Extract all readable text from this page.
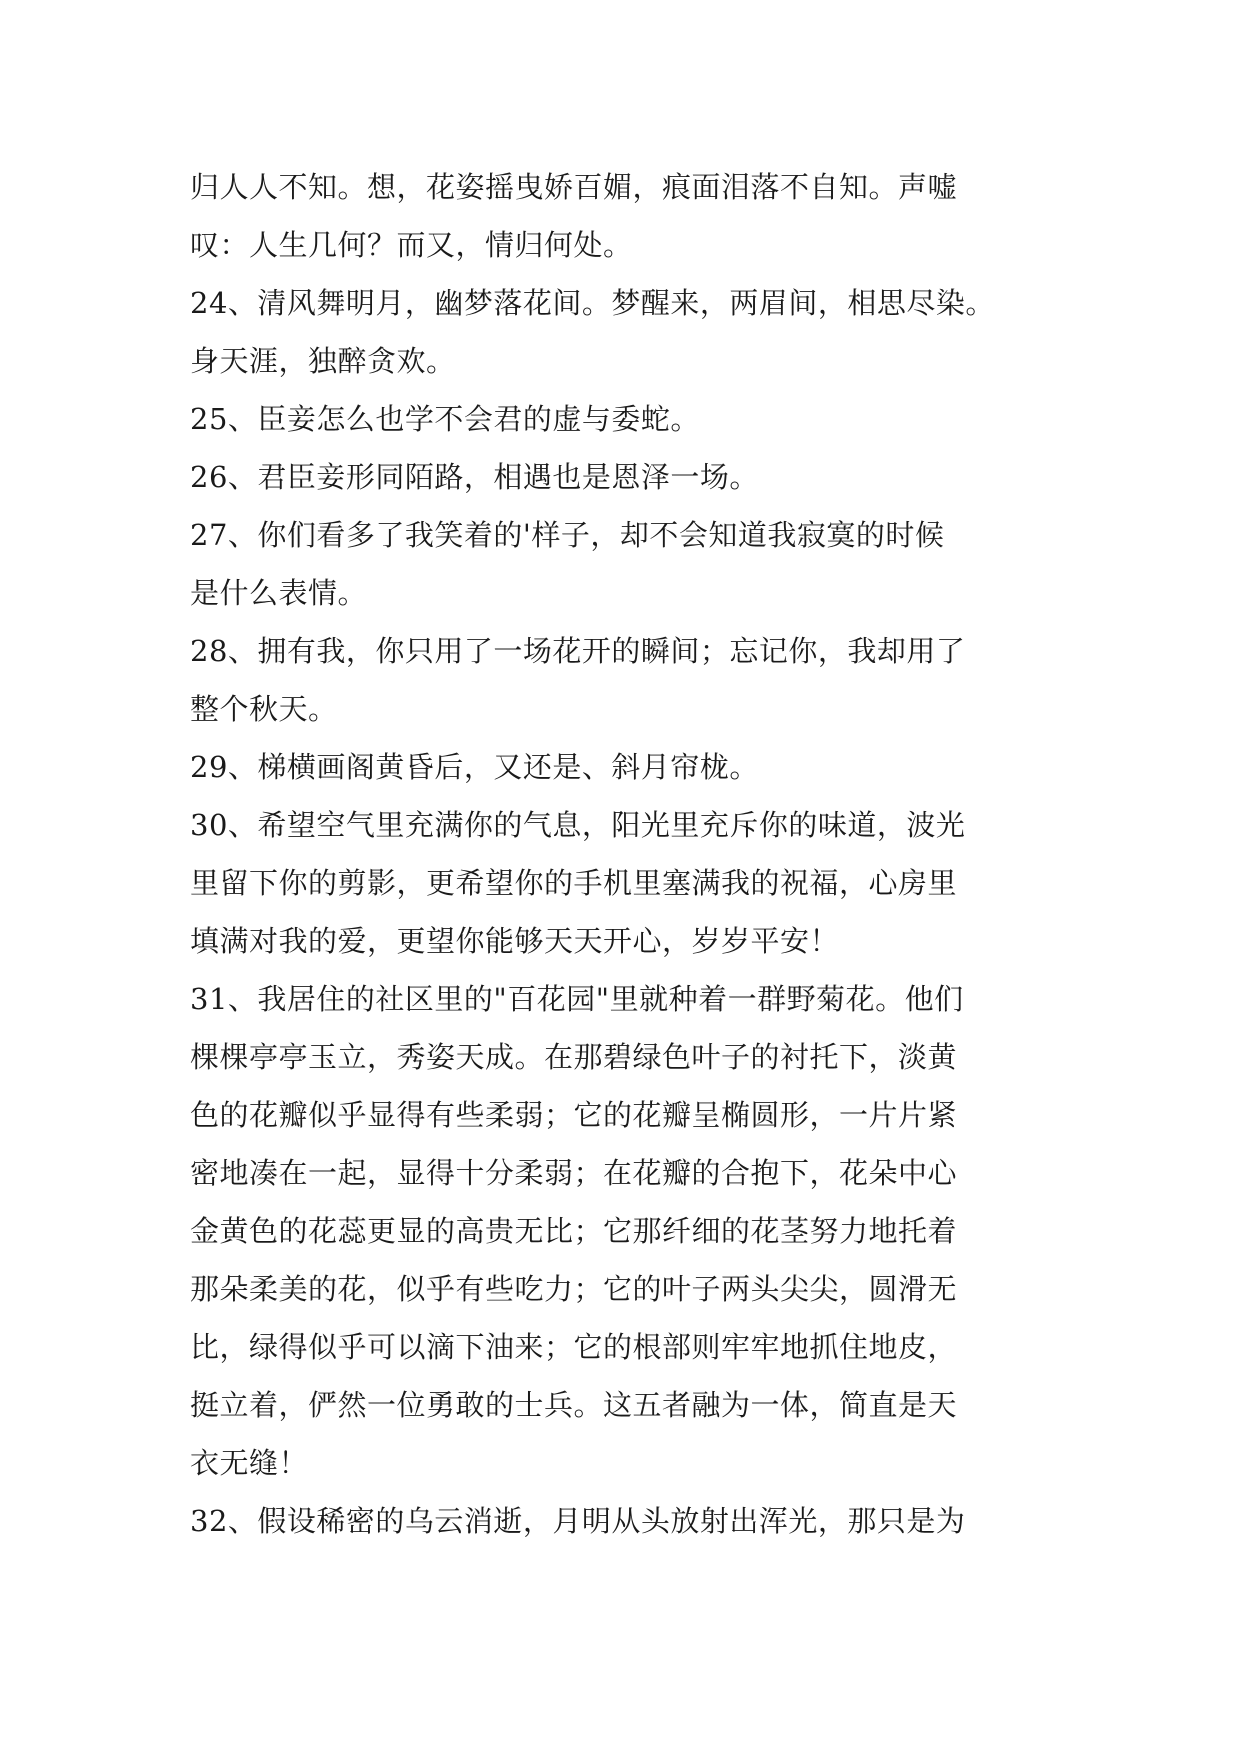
归人人不知。想，花姿摇曳娇百媚，痕面泪落不自知。声嘘
叹：人生几何？而又，情归何处。
24、清风舞明月，幽梦落花间。梦醒来，两眉间，相思尽染。
身天涯，独醉贪欢。
25、臣妾怎么也学不会君的虚与委蛇。
26、君臣妾形同陌路，相遇也是恩泽一场。
27、你们看多了我笑着的'样子，却不会知道我寂寞的时候
是什么表情。
28、拥有我，你只用了一场花开的瞬间；忘记你，我却用了
整个秋天。
29、梯横画阁黄昏后，又还是、斜月帘栊。
30、希望空气里充满你的气息，阳光里充斥你的味道，波光
里留下你的剪影，更希望你的手机里塞满我的祝福，心房里
填满对我的爱，更望你能够天天开心，岁岁平安！
31、我居住的社区里的"百花园"里就种着一群野菊花。他们
棵棵亭亭玉立，秀姿天成。在那碧绿色叶子的衬托下，淡黄
色的花瓣似乎显得有些柔弱；它的花瓣呈椭圆形，一片片紧
密地凑在一起，显得十分柔弱；在花瓣的合抱下，花朵中心
金黄色的花蕊更显的高贵无比；它那纤细的花茎努力地托着
那朵柔美的花，似乎有些吃力；它的叶子两头尖尖，圆滑无
比，绿得似乎可以滴下油来；它的根部则牢牢地抓住地皮，
挺立着，俨然一位勇敢的士兵。这五者融为一体，简直是天
衣无缝！
32、假设稀密的乌云消逝，月明从头放射出浑光，那只是为
